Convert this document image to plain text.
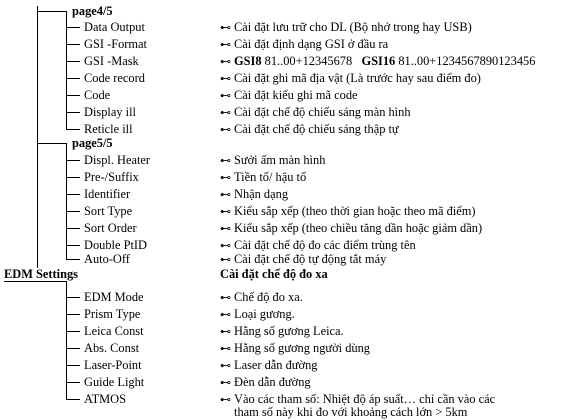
page4/5
Data Output	⊷ Cài đặt lưu trữ cho DL (Bộ nhớ trong hay USB)
GSI -Format	⊷ Cài đặt định dạng GSI ở đầu ra
GSI -Mask	⊷ GSI8 81..00+12345678   GSI16 81..00+1234567890123456
Code record	⊷ Cài đặt ghi mã địa vật (Là trước hay sau điểm đo)
Code	⊷ Cài đặt kiểu ghi mã code
Display ill	⊷ Cài đặt chế độ chiếu sáng màn hình
Reticle ill	⊷ Cài đặt chế độ chiếu sáng thập tự
page5/5
Displ. Heater	⊷ Sưởi ấm màn hình
Pre-/Suffix	⊷ Tiền tố/ hậu tố
Identifier	⊷ Nhận dạng
Sort Type	⊷ Kiểu sắp xếp (theo thời gian hoặc theo mã điểm)
Sort Order	⊷ Kiểu sắp xếp (theo chiều tăng dần hoặc giảm dần)
Double PtID	⊷ Cài đặt chế độ đo các điểm trùng tên
Auto-Off	⊷ Cài đặt chế độ tự động tắt máy
EDM Settings	Cài đặt chế độ đo xa
EDM Mode	⊷ Chế độ đo xa.
Prism Type	⊷ Loại gương.
Leica Const	⊷ Hằng số gương Leica.
Abs. Const	⊷ Hằng số gương người dùng
Laser-Point	⊷ Laser dẫn đường
Guide Light	⊷ Đèn dẫn đường
ATMOS	⊷ Vào các tham số: Nhiệt độ áp suất… chỉ cần vào các
tham số này khi đo với khoảng cách lớn > 5km
